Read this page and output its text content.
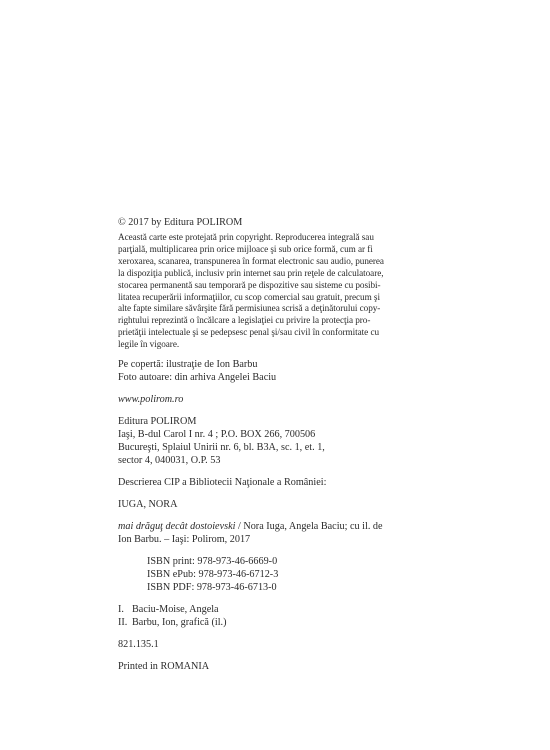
© 2017 by Editura POLIROM
Această carte este protejată prin copyright. Reproducerea integrală sau
parţială, multiplicarea prin orice mijloace şi sub orice formă, cum ar fi
xeroxarea, scanarea, transpunerea în format electronic sau audio, punerea
la dispoziţia publică, inclusiv prin internet sau prin reţele de calculatoare,
stocarea permanentă sau temporară pe dispozitive sau sisteme cu posibi-
litatea recuperării informaţiilor, cu scop comercial sau gratuit, precum şi
alte fapte similare săvârşite fără permisiunea scrisă a deţinătorului copy-
rightului reprezintă o încălcare a legislaţiei cu privire la protecţia pro-
prietăţii intelectuale şi se pedepsesc penal şi/sau civil în conformitate cu
legile în vigoare.
Pe copertă: ilustraţie de Ion Barbu
Foto autoare: din arhiva Angelei Baciu
www.polirom.ro
Editura POLIROM
Iaşi, B-dul Carol I nr. 4 ; P.O. BOX 266, 700506
Bucureşti, Splaiul Unirii nr. 6, bl. B3A, sc. 1, et. 1,
sector 4, 040031, O.P. 53
Descrierea CIP a Bibliotecii Naţionale a României:
IUGA, NORA
mai drăguţ decât dostoievski / Nora Iuga, Angela Baciu; cu il. de
Ion Barbu. – Iaşi: Polirom, 2017
ISBN print: 978-973-46-6669-0
ISBN ePub: 978-973-46-6712-3
ISBN PDF: 978-973-46-6713-0
I. Baciu-Moise, Angela
II. Barbu, Ion, grafică (il.)
821.135.1
Printed in ROMANIA
